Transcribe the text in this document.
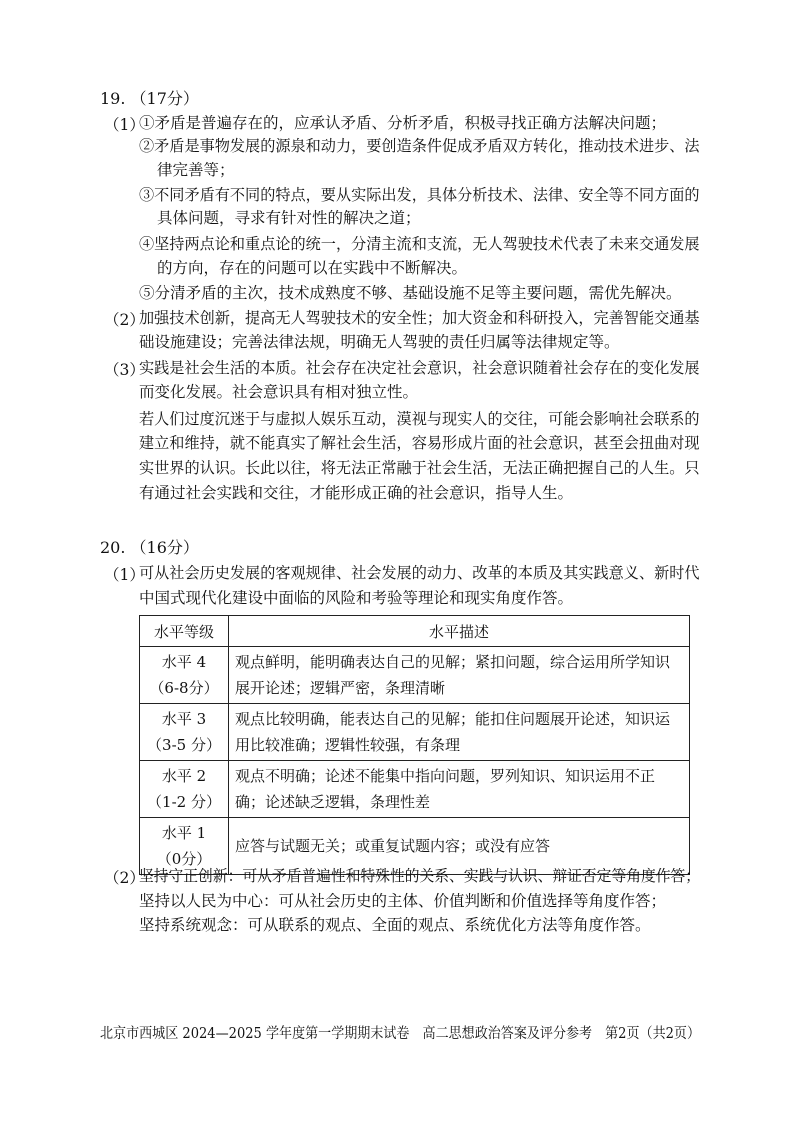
19. （17分）
（1）
①矛盾是普遍存在的，应承认矛盾、分析矛盾，积极寻找正确方法解决问题；
②矛盾是事物发展的源泉和动力，要创造条件促成矛盾双方转化，推动技术进步、法
律完善等；
③不同矛盾有不同的特点，要从实际出发，具体分析技术、法律、安全等不同方面的
具体问题，寻求有针对性的解决之道；
④坚持两点论和重点论的统一，分清主流和支流，无人驾驶技术代表了未来交通发展
的方向，存在的问题可以在实践中不断解决。
⑤分清矛盾的主次，技术成熟度不够、基础设施不足等主要问题，需优先解决。
（2）
加强技术创新，提高无人驾驶技术的安全性；加大资金和科研投入，完善智能交通基
础设施建设；完善法律法规，明确无人驾驶的责任归属等法律规定等。
（3）
实践是社会生活的本质。社会存在决定社会意识，社会意识随着社会存在的变化发展
而变化发展。社会意识具有相对独立性。
若人们过度沉迷于与虚拟人娱乐互动，漠视与现实人的交往，可能会影响社会联系的
建立和维持，就不能真实了解社会生活，容易形成片面的社会意识，甚至会扭曲对现
实世界的认识。长此以往，将无法正常融于社会生活，无法正确把握自己的人生。只
有通过社会实践和交往，才能形成正确的社会意识，指导人生。
20. （16分）
（1）
可从社会历史发展的客观规律、社会发展的动力、改革的本质及其实践意义、新时代
中国式现代化建设中面临的风险和考验等理论和现实角度作答。
水平等级	水平描述

水平 4
（6-8分）	观点鲜明，能明确表达自己的见解；紧扣问题，综合运用所学知识展开论述；逻辑严密，条理清晰

水平 3
（3-5 分）	观点比较明确，能表达自己的见解；能扣住问题展开论述，知识运用比较准确；逻辑性较强，有条理

水平 2
（1-2 分）	观点不明确；论述不能集中指向问题，罗列知识、知识运用不正确；论述缺乏逻辑，条理性差

水平 1
（0分）	应答与试题无关；或重复试题内容；或没有应答
（2）
坚持守正创新：可从矛盾普遍性和特殊性的关系、实践与认识、辩证否定等角度作答；
坚持以人民为中心：可从社会历史的主体、价值判断和价值选择等角度作答；
坚持系统观念：可从联系的观点、全面的观点、系统优化方法等角度作答。
北京市西城区 2024—2025 学年度第一学期期末试卷　高二思想政治答案及评分参考　第2页（共2页）
